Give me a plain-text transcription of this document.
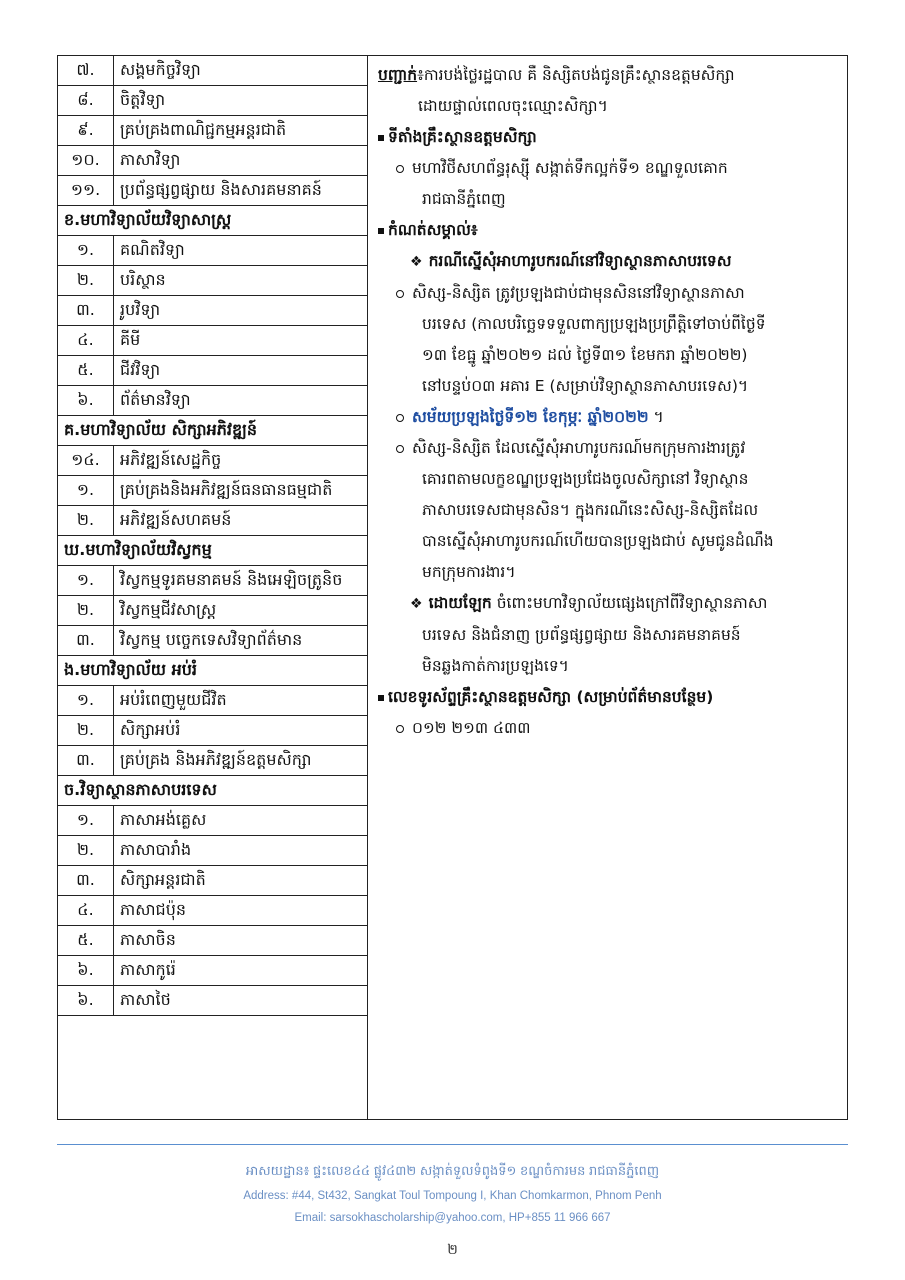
៧.	សង្គមកិច្ចវិទ្យា
៨.	ចិត្តវិទ្យា
៩.	គ្រប់គ្រងពាណិជ្ជកម្មអន្តរជាតិ
១០.	ភាសាវិទ្យា
១១.	ប្រព័ន្ធផ្សព្វផ្សាយ និងសារគមនាគន៍
ខ.មហាវិទ្យាល័យវិទ្យាសាស្ត្រ	
១.	គណិតវិទ្យា
២.	បរិស្ថាន
៣.	រូបវិទ្យា
៤.	គីមី
៥.	ជីវវិទ្យា
៦.	ព័ត៌មានវិទ្យា
គ.មហាវិទ្យាល័យ សិក្សាអភិវឌ្ឍន៍	
១៤.	អភិវឌ្ឍន៍សេដ្ឋកិច្ច
១.	គ្រប់គ្រងនិងអភិវឌ្ឍន៍ធនធានធម្មជាតិ
២.	អភិវឌ្ឍន៍សហគមន៍
ឃ.មហាវិទ្យាល័យវិស្វកម្ម	
១.	វិស្វកម្មទូរគមនាគមន៍ និងអេឡិចត្រូនិច
២.	វិស្វកម្មជីវសាស្ត្រ
៣.	វិស្វកម្ម បច្ចេកទេសវិទ្យាព័ត៌មាន
ង.មហាវិទ្យាល័យ អប់រំ	
១.	អប់រំពេញមួយជីវិត
២.	សិក្សាអប់រំ
៣.	គ្រប់គ្រង និងអភិវឌ្ឍន៍ឧត្តមសិក្សា
ច.វិទ្យាស្ថានភាសាបរទេស	
១.	ភាសាអង់គ្លេស
២.	ភាសាបារាំង
៣.	សិក្សាអន្តរជាតិ
៤.	ភាសាជប៉ុន
៥.	ភាសាចិន
៦.	ភាសាកូរ៉េ
៦.	ភាសាថៃ
បញ្ជាក់៖ការបង់ថ្លៃរដ្ឋបាល គឺ និស្សិតបង់ជូនគ្រឹះស្ថានឧត្តមសិក្សា
ដោយផ្ទាល់ពេលចុះឈ្មោះសិក្សា។
ទីតាំងគ្រឹះស្ថានឧត្តមសិក្សា
មហាវិថីសហព័ន្ធរុស្ស៊ី សង្កាត់ទឹកល្អក់ទី១ ខណ្ឌទួលគោក
រាជធានីភ្នំពេញ
កំណត់សម្គាល់៖
❖ ករណីស្នើសុំអាហារូបករណ៍នៅវិទ្យាស្ថានភាសាបរទេស
សិស្ស-និស្សិត ត្រូវប្រឡងជាប់ជាមុនសិននៅវិទ្យាស្ថានភាសា
បរទេស (កាលបរិច្ឆេទទទួលពាក្យប្រឡងប្រព្រឹត្តិទៅចាប់ពីថ្ងៃទី
១៣ ខែធ្នូ ឆ្នាំ២០២១ ដល់ ថ្ងៃទី៣១ ខែមករា ឆ្នាំ២០២២)
នៅបន្ទប់០៣ អគារ E (សម្រាប់វិទ្យាស្ថានភាសាបរទេស)។
សម័យប្រឡងថ្ងៃទី១២ ខែកុម្ភៈ ឆ្នាំ២០២២ ។
សិស្ស-និស្សិត ដែលស្នើសុំអាហារូបករណ៍មកក្រុមការងារត្រូវ
គោរពតាមលក្ខខណ្ឌប្រឡងប្រជែងចូលសិក្សានៅ វិទ្យាស្ថាន
ភាសាបរទេសជាមុនសិន។ ក្នុងករណីនេះសិស្ស-និស្សិតដែល
បានស្នើសុំអាហារូបករណ៍ហើយបានប្រឡងជាប់ សូមជូនដំណឹង
មកក្រុមការងារ។
❖ ដោយឡែក ចំពោះមហាវិទ្យាល័យផ្សេងក្រៅពីវិទ្យាស្ថានភាសា
បរទេស និងជំនាញ ប្រព័ន្ធផ្សព្វផ្សាយ និងសារគមនាគមន៍
មិនឆ្លងកាត់ការប្រឡងទេ។
លេខទូរស័ព្ទគ្រឹះស្ថានឧត្តមសិក្សា (សម្រាប់ព័ត៌មានបន្ថែម)
០១២ ២១៣ ៤៣៣
អាសយដ្ឋាន៖ ផ្ទះលេខ៤៤ ផ្លូវ៤៣២ សង្កាត់ទួលទំពូងទី១ ខណ្ឌចំការមន រាជធានីភ្នំពេញ
Address: #44, St432, Sangkat Toul Tompoung I, Khan Chomkarmon, Phnom Penh
Email: sarsokhascholarship@yahoo.com, HP+855 11 966 667
២
